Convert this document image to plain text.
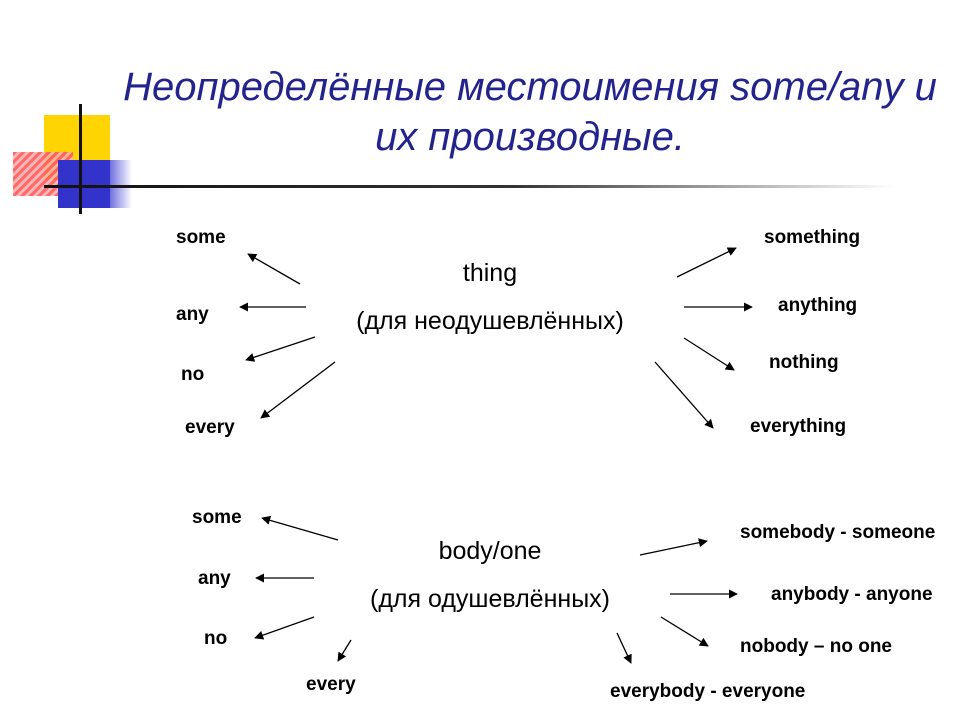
Неопределённые местоимения some/any и
их производные.
thing
(для неодушевлённых)
some
any
no
every
something
anything
nothing
everything
body/one
(для одушевлённых)
some
any
no
every
somebody - someone
anybody - anyone
nobody – no one
everybody - everyone
